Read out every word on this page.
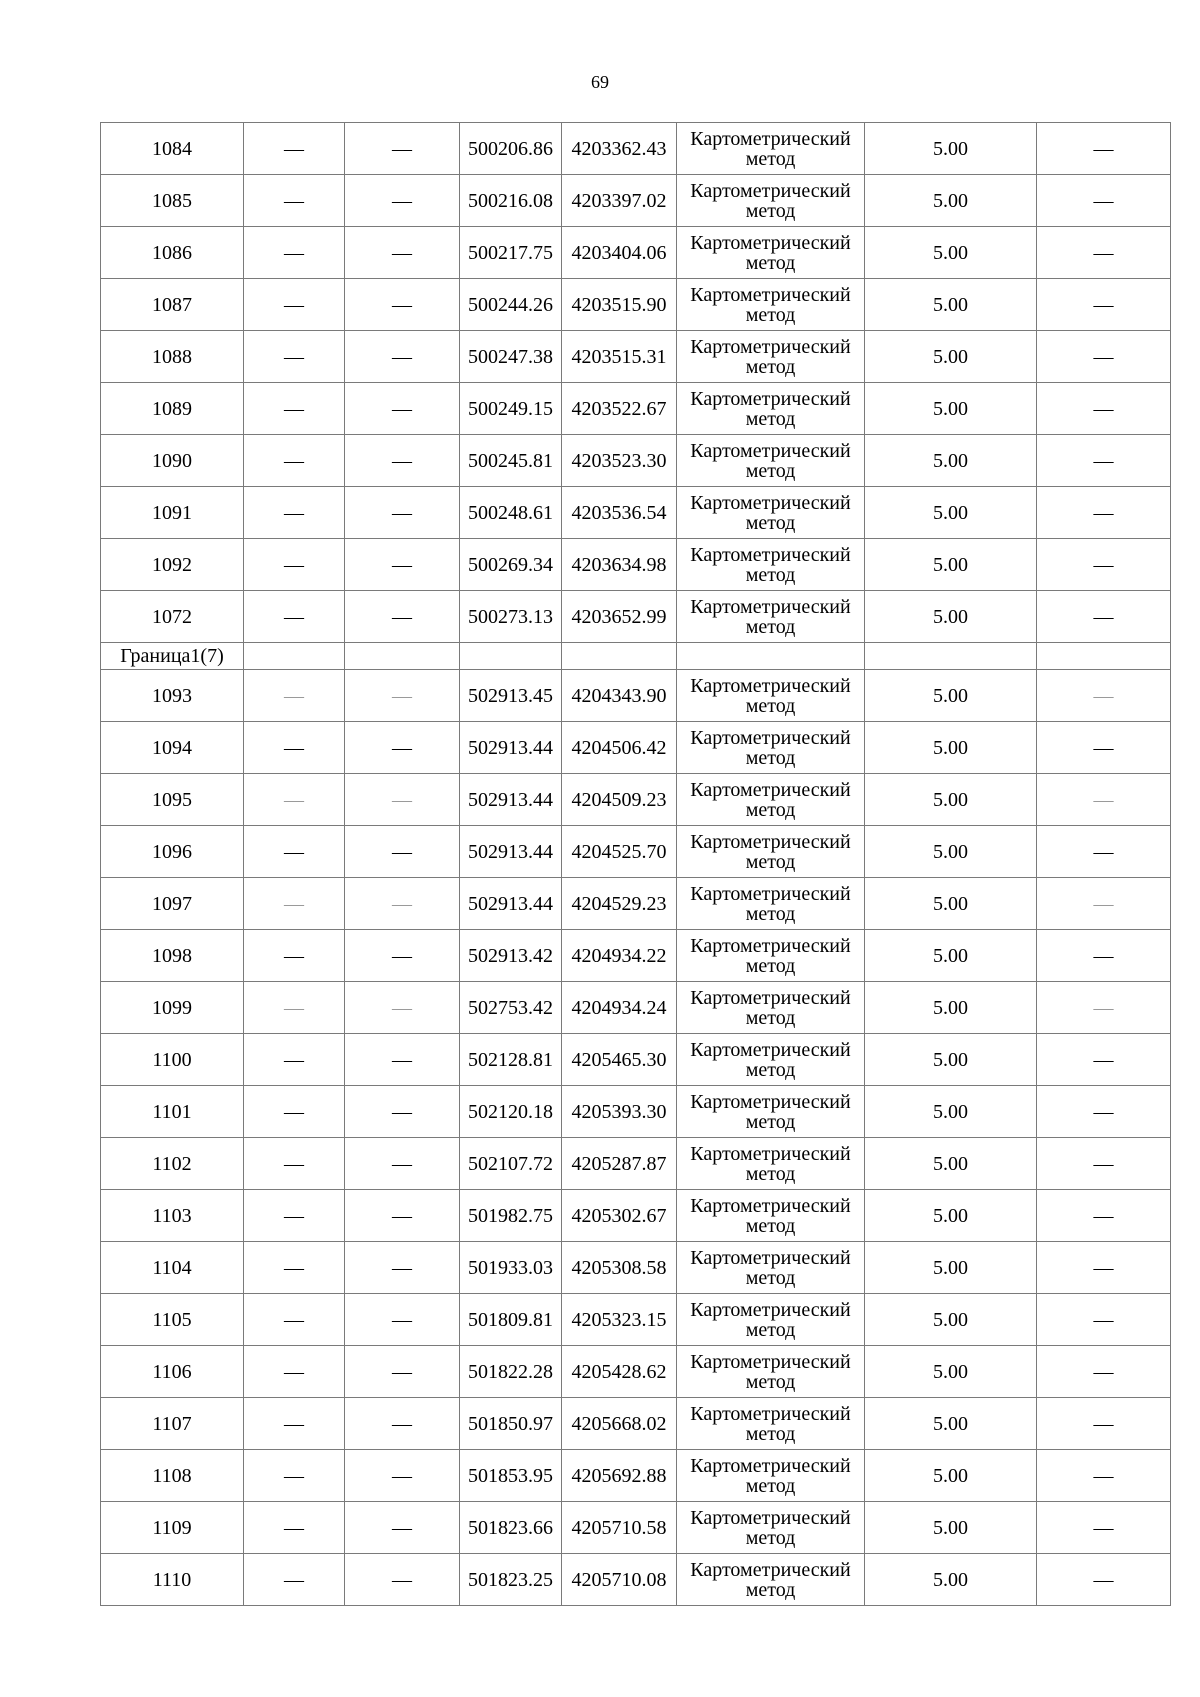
69
1084	—	—	500206.86	4203362.43	Картометрический метод	5.00	—
1085	—	—	500216.08	4203397.02	Картометрический метод	5.00	—
1086	—	—	500217.75	4203404.06	Картометрический метод	5.00	—
1087	—	—	500244.26	4203515.90	Картометрический метод	5.00	—
1088	—	—	500247.38	4203515.31	Картометрический метод	5.00	—
1089	—	—	500249.15	4203522.67	Картометрический метод	5.00	—
1090	—	—	500245.81	4203523.30	Картометрический метод	5.00	—
1091	—	—	500248.61	4203536.54	Картометрический метод	5.00	—
1092	—	—	500269.34	4203634.98	Картометрический метод	5.00	—
1072	—	—	500273.13	4203652.99	Картометрический метод	5.00	—
Граница1(7)							
1093	—	—	502913.45	4204343.90	Картометрический метод	5.00	—
1094	—	—	502913.44	4204506.42	Картометрический метод	5.00	—
1095	—	—	502913.44	4204509.23	Картометрический метод	5.00	—
1096	—	—	502913.44	4204525.70	Картометрический метод	5.00	—
1097	—	—	502913.44	4204529.23	Картометрический метод	5.00	—
1098	—	—	502913.42	4204934.22	Картометрический метод	5.00	—
1099	—	—	502753.42	4204934.24	Картометрический метод	5.00	—
1100	—	—	502128.81	4205465.30	Картометрический метод	5.00	—
1101	—	—	502120.18	4205393.30	Картометрический метод	5.00	—
1102	—	—	502107.72	4205287.87	Картометрический метод	5.00	—
1103	—	—	501982.75	4205302.67	Картометрический метод	5.00	—
1104	—	—	501933.03	4205308.58	Картометрический метод	5.00	—
1105	—	—	501809.81	4205323.15	Картометрический метод	5.00	—
1106	—	—	501822.28	4205428.62	Картометрический метод	5.00	—
1107	—	—	501850.97	4205668.02	Картометрический метод	5.00	—
1108	—	—	501853.95	4205692.88	Картометрический метод	5.00	—
1109	—	—	501823.66	4205710.58	Картометрический метод	5.00	—
1110	—	—	501823.25	4205710.08	Картометрический метод	5.00	—
